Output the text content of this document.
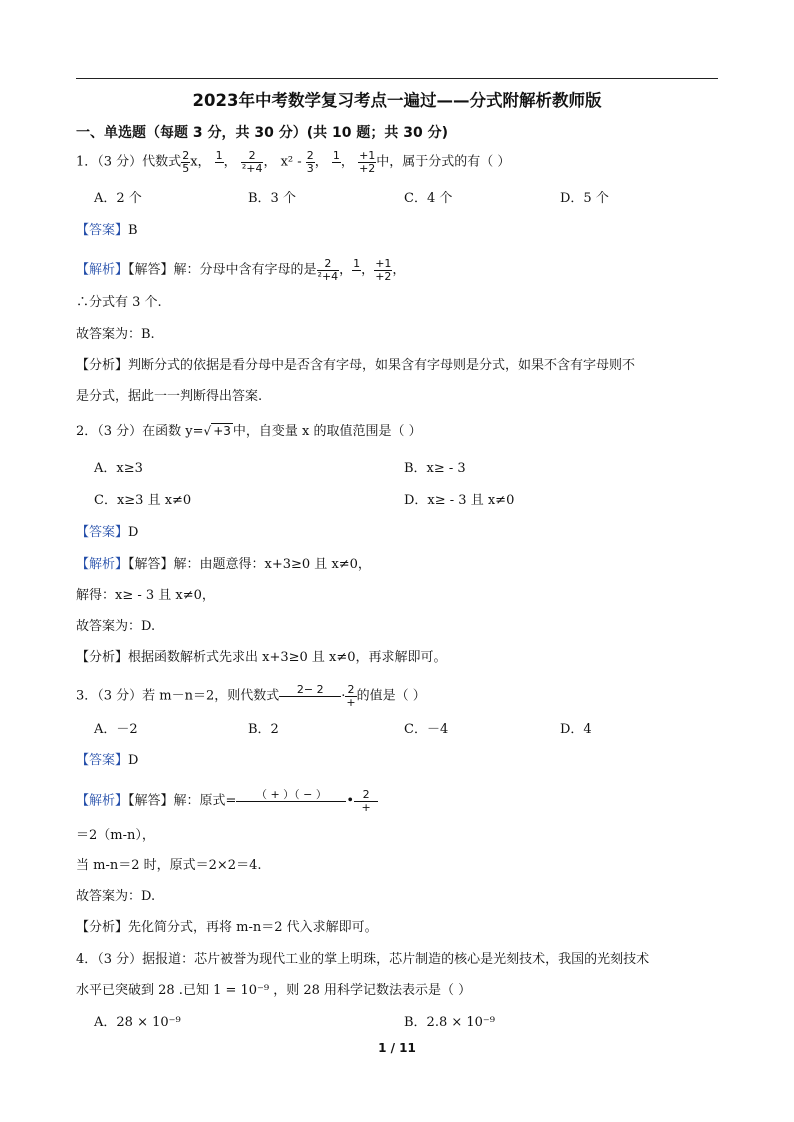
2023年中考数学复习考点一遍过——分式附解析教师版
一、单选题（每题 3 分，共 30 分）(共 10 题；共 30 分)
1．（3 分）代数式 $\frac{2}{5}$ x， 1
， $\frac{2}{\text{²+4}}$ ， $x^2 - \frac{2}{3}$ ， 1
， $\frac{+1}{+2}$ 中，属于分式的有（ ）
A．2 个	B．3 个	C．4 个	D．5 个
【答案】B
【解析】【解答】解：分母中含有字母的是 $\frac{2}{\text{²+4}}$ ， 1
， $\frac{+1}{+2}$ ，
∴分式有 3 个.
故答案为：B.
【分析】判断分式的依据是看分母中是否含有字母，如果含有字母则是分式，如果不含有字母则不
是分式，据此一一判断得出答案.
2．（3 分）在函数 y=√ +3 中，自变量 x 的取值范围是（ ）
A．x≥3	B．x≥ - 3
C．x≥3 且 x≠0	D．x≥ - 3 且 x≠0
【答案】D
【解析】【解答】解：由题意得：x+3≥0 且 x≠0，
解得：x≥ - 3 且 x≠0，
故答案为：D.
【分析】根据函数解析式先求出 x+3≥0 且 x≠0，再求解即可。
3．（3 分）若 m－n＝2，则代数式	2− 2
	· $\frac{2}{+}$ 的值是（ ）
A．－2	B．2	C．－4	D．4
【答案】D
【解析】【解答】解：原式=	（ + ）（ − ）
	• $\frac{2}{+}$
＝2（m-n），
当 m-n＝2 时，原式＝2×2＝4.
故答案为：D.
【分析】先化简分式，再将 m-n＝2 代入求解即可。
4．（3 分）据报道：芯片被誉为现代工业的掌上明珠，芯片制造的核心是光刻技术，我国的光刻技术
水平已突破到 28 .已知 1 = 10⁻⁹ ，则 28 用科学记数法表示是（ ）
A．28 × 10⁻⁹	B．2.8 × 10⁻⁹
1 / 11
